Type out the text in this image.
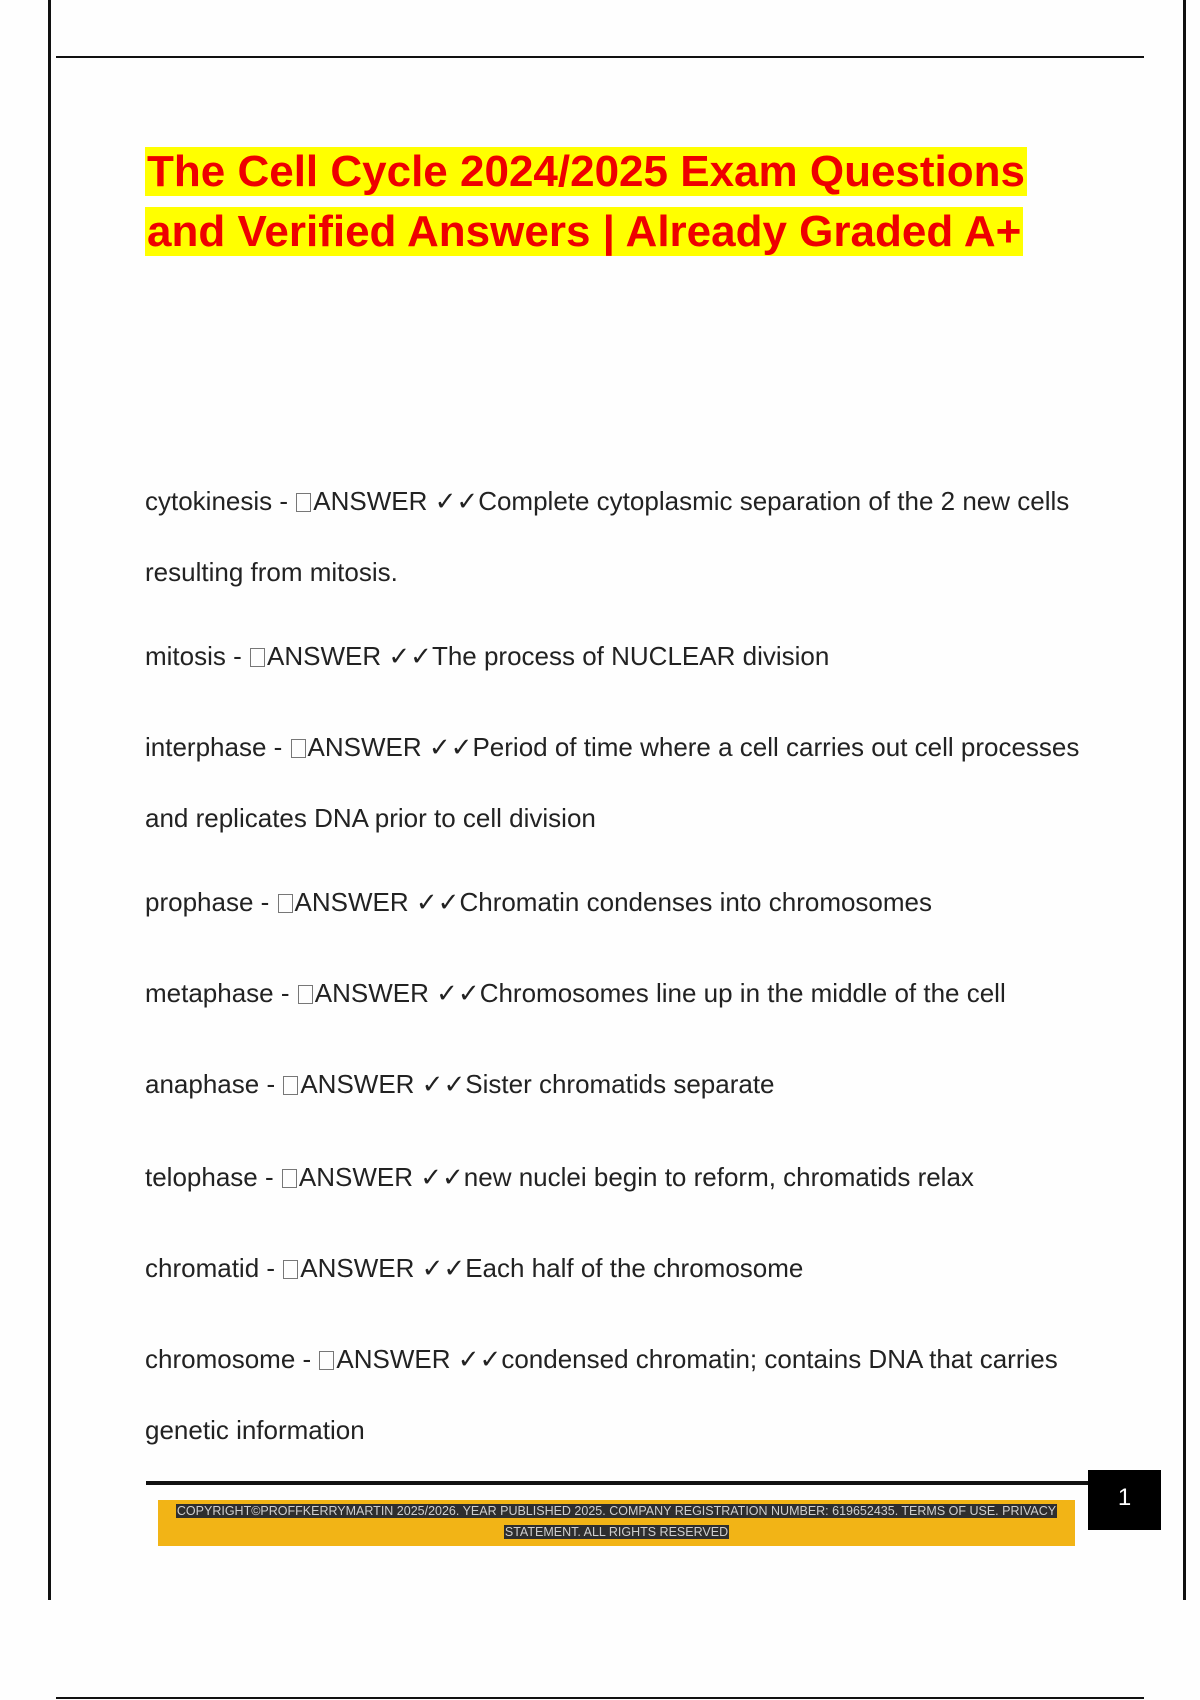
The Cell Cycle 2024/2025 Exam Questions and Verified Answers | Already Graded A+
cytokinesis - ANSWER ✓✓Complete cytoplasmic separation of the 2 new cells resulting from mitosis.
mitosis - ANSWER ✓✓The process of NUCLEAR division
interphase - ANSWER ✓✓Period of time where a cell carries out cell processes and replicates DNA prior to cell division
prophase - ANSWER ✓✓Chromatin condenses into chromosomes
metaphase - ANSWER ✓✓Chromosomes line up in the middle of the cell
anaphase - ANSWER ✓✓Sister chromatids separate
telophase - ANSWER ✓✓new nuclei begin to reform, chromatids relax
chromatid - ANSWER ✓✓Each half of the chromosome
chromosome - ANSWER ✓✓condensed chromatin; contains DNA that carries genetic information
1
COPYRIGHT©PROFFKERRYMARTIN 2025/2026. YEAR PUBLISHED 2025. COMPANY REGISTRATION NUMBER: 619652435. TERMS OF USE. PRIVACY STATEMENT. ALL RIGHTS RESERVED
